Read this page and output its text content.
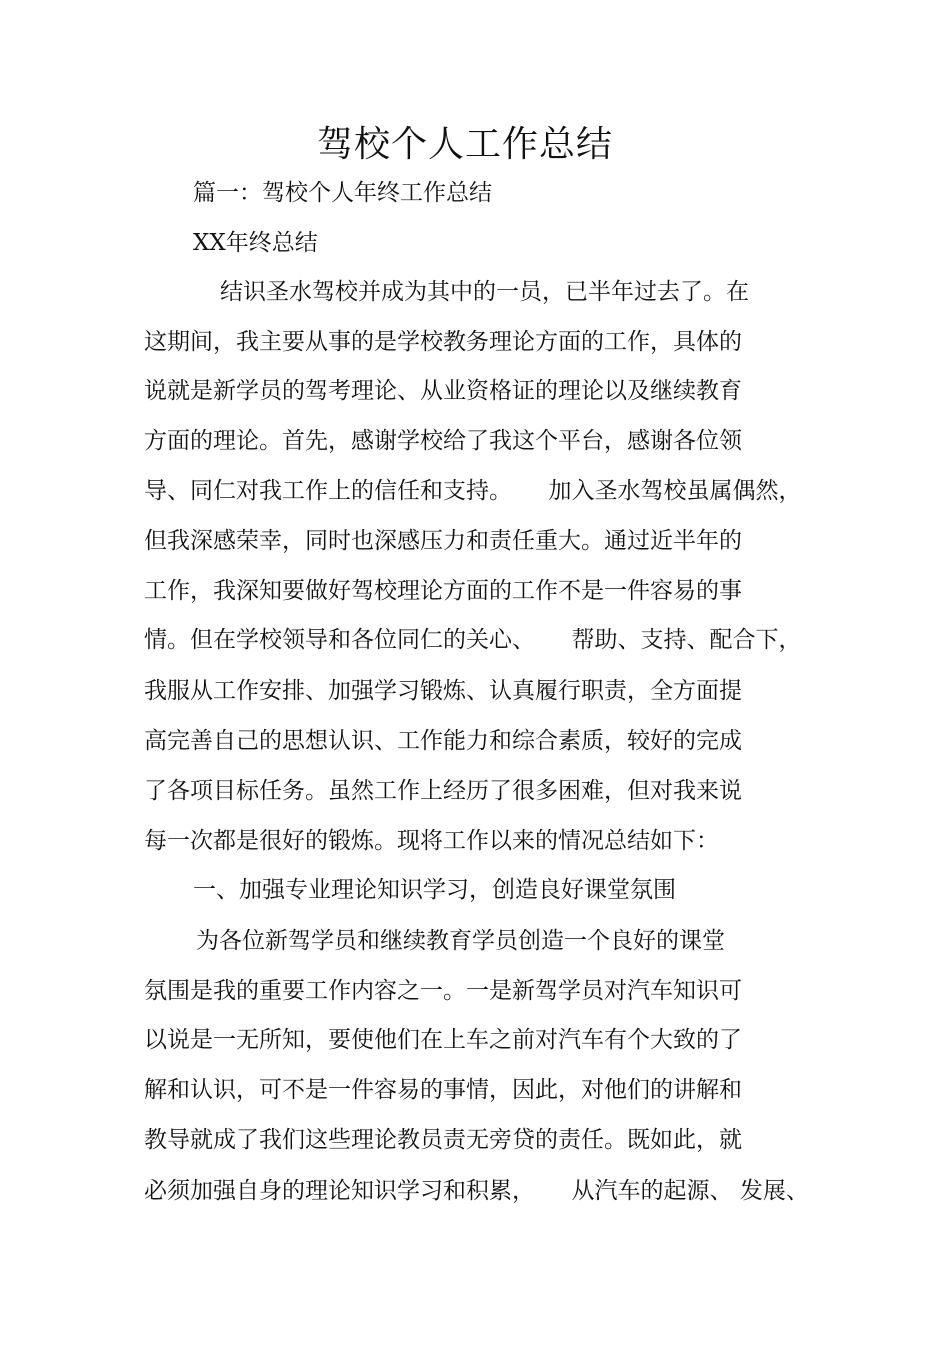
驾校个人工作总结
篇一：驾校个人年终工作总结
XX年终总结
结识圣水驾校并成为其中的一员，已半年过去了。在
这期间，我主要从事的是学校教务理论方面的工作，具体的
说就是新学员的驾考理论、从业资格证的理论以及继续教育
方面的理论。首先，感谢学校给了我这个平台，感谢各位领
导、同仁对我工作上的信任和支持。     加入圣水驾校虽属偶然，
但我深感荣幸，同时也深感压力和责任重大。通过近半年的
工作，我深知要做好驾校理论方面的工作不是一件容易的事
情。但在学校领导和各位同仁的关心、     帮助、支持、配合下，
我服从工作安排、加强学习锻炼、认真履行职责，全方面提
高完善自己的思想认识、工作能力和综合素质，较好的完成
了各项目标任务。虽然工作上经历了很多困难，但对我来说
每一次都是很好的锻炼。现将工作以来的情况总结如下：
一、加强专业理论知识学习，创造良好课堂氛围
为各位新驾学员和继续教育学员创造一个良好的课堂
氛围是我的重要工作内容之一。一是新驾学员对汽车知识可
以说是一无所知，要使他们在上车之前对汽车有个大致的了
解和认识，可不是一件容易的事情，因此，对他们的讲解和
教导就成了我们这些理论教员责无旁贷的责任。既如此，就
必须加强自身的理论知识学习和积累，     从汽车的起源、 发展、
